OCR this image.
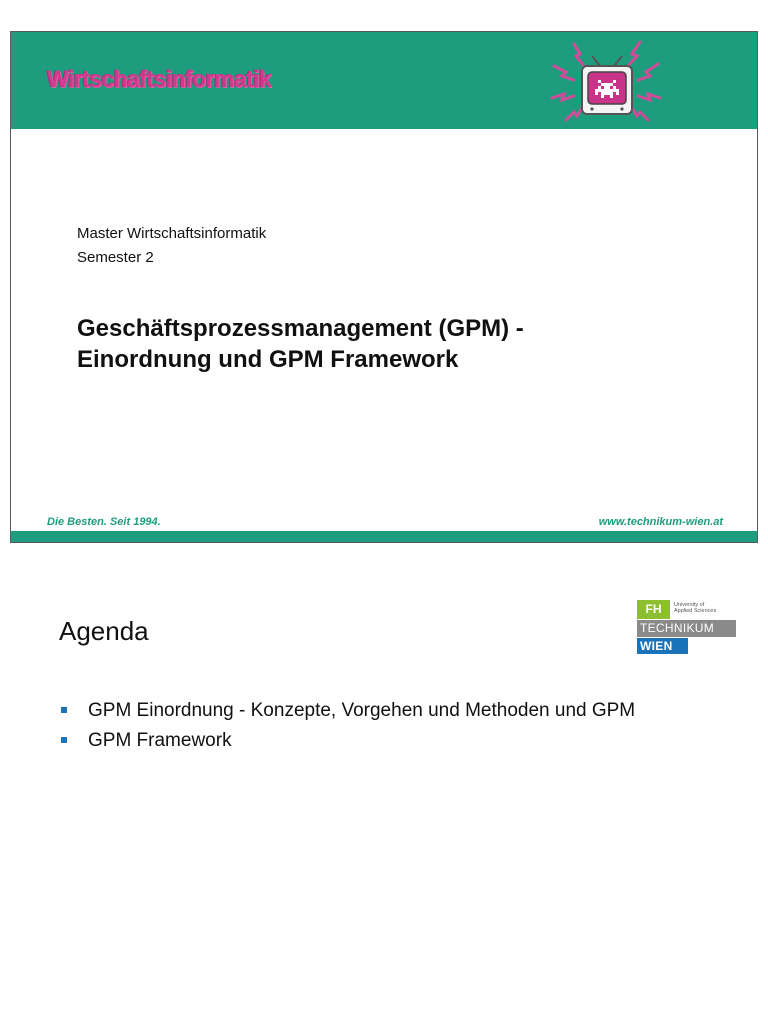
Wirtschaftsinformatik
Master Wirtschaftsinformatik
Semester 2
Geschäftsprozessmanagement (GPM) -
Einordnung und GPM Framework
Die Besten. Seit 1994.	www.technikum-wien.at
Agenda
FH	University of
Applied Sciences
TECHNIKUM
WIEN
GPM Einordnung - Konzepte, Vorgehen und Methoden und GPM
GPM Framework
